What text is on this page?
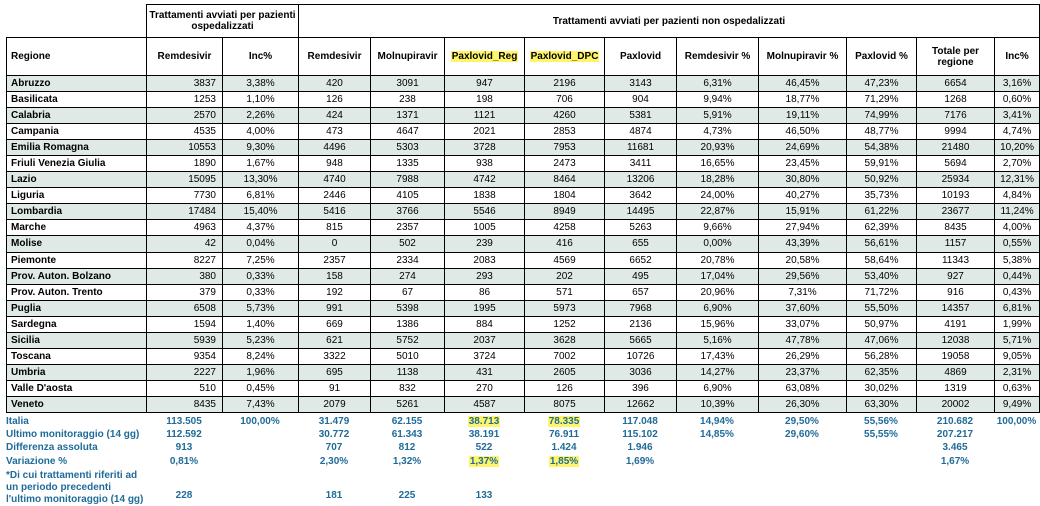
	Trattamenti avviati per pazienti ospedalizzati		Trattamenti avviati per pazienti non ospedalizzati									
Regione	Remdesivir	Inc%	Remdesivir	Molnupiravir	Paxlovid_Reg	Paxlovid_DPC	Paxlovid	Remdesivir %	Molnupiravir %	Paxlovid %	Totale per regione	Inc%
Abruzzo	3837	3,38%	420	3091	947	2196	3143	6,31%	46,45%	47,23%	6654	3,16%
Basilicata	1253	1,10%	126	238	198	706	904	9,94%	18,77%	71,29%	1268	0,60%
Calabria	2570	2,26%	424	1371	1121	4260	5381	5,91%	19,11%	74,99%	7176	3,41%
Campania	4535	4,00%	473	4647	2021	2853	4874	4,73%	46,50%	48,77%	9994	4,74%
Emilia Romagna	10553	9,30%	4496	5303	3728	7953	11681	20,93%	24,69%	54,38%	21480	10,20%
Friuli Venezia Giulia	1890	1,67%	948	1335	938	2473	3411	16,65%	23,45%	59,91%	5694	2,70%
Lazio	15095	13,30%	4740	7988	4742	8464	13206	18,28%	30,80%	50,92%	25934	12,31%
Liguria	7730	6,81%	2446	4105	1838	1804	3642	24,00%	40,27%	35,73%	10193	4,84%
Lombardia	17484	15,40%	5416	3766	5546	8949	14495	22,87%	15,91%	61,22%	23677	11,24%
Marche	4963	4,37%	815	2357	1005	4258	5263	9,66%	27,94%	62,39%	8435	4,00%
Molise	42	0,04%	0	502	239	416	655	0,00%	43,39%	56,61%	1157	0,55%
Piemonte	8227	7,25%	2357	2334	2083	4569	6652	20,78%	20,58%	58,64%	11343	5,38%
Prov. Auton. Bolzano	380	0,33%	158	274	293	202	495	17,04%	29,56%	53,40%	927	0,44%
Prov. Auton. Trento	379	0,33%	192	67	86	571	657	20,96%	7,31%	71,72%	916	0,43%
Puglia	6508	5,73%	991	5398	1995	5973	7968	6,90%	37,60%	55,50%	14357	6,81%
Sardegna	1594	1,40%	669	1386	884	1252	2136	15,96%	33,07%	50,97%	4191	1,99%
Sicilia	5939	5,23%	621	5752	2037	3628	5665	5,16%	47,78%	47,06%	12038	5,71%
Toscana	9354	8,24%	3322	5010	3724	7002	10726	17,43%	26,29%	56,28%	19058	9,05%
Umbria	2227	1,96%	695	1138	431	2605	3036	14,27%	23,37%	62,35%	4869	2,31%
Valle D'aosta	510	0,45%	91	832	270	126	396	6,90%	63,08%	30,02%	1319	0,63%
Veneto	8435	7,43%	2079	5261	4587	8075	12662	10,39%	26,30%	63,30%	20002	9,49%
Italia	113.505	100,00%	31.479	62.155	38.713	78.335	117.048	14,94%	29,50%	55,56%	210.682	100,00%
Ultimo monitoraggio (14 gg)	112.592		30.772	61.343	38.191	76.911	115.102	14,85%	29,60%	55,55%	207.217	
Differenza assoluta	913		707	812	522	1.424	1.946				3.465	
Variazione %	0,81%		2,30%	1,32%	1,37%	1,85%	1,69%				1,67%	
*Di cui trattamenti riferiti ad un periodo precedenti l'ultimo monitoraggio (14 gg)	228		181	225	133							
